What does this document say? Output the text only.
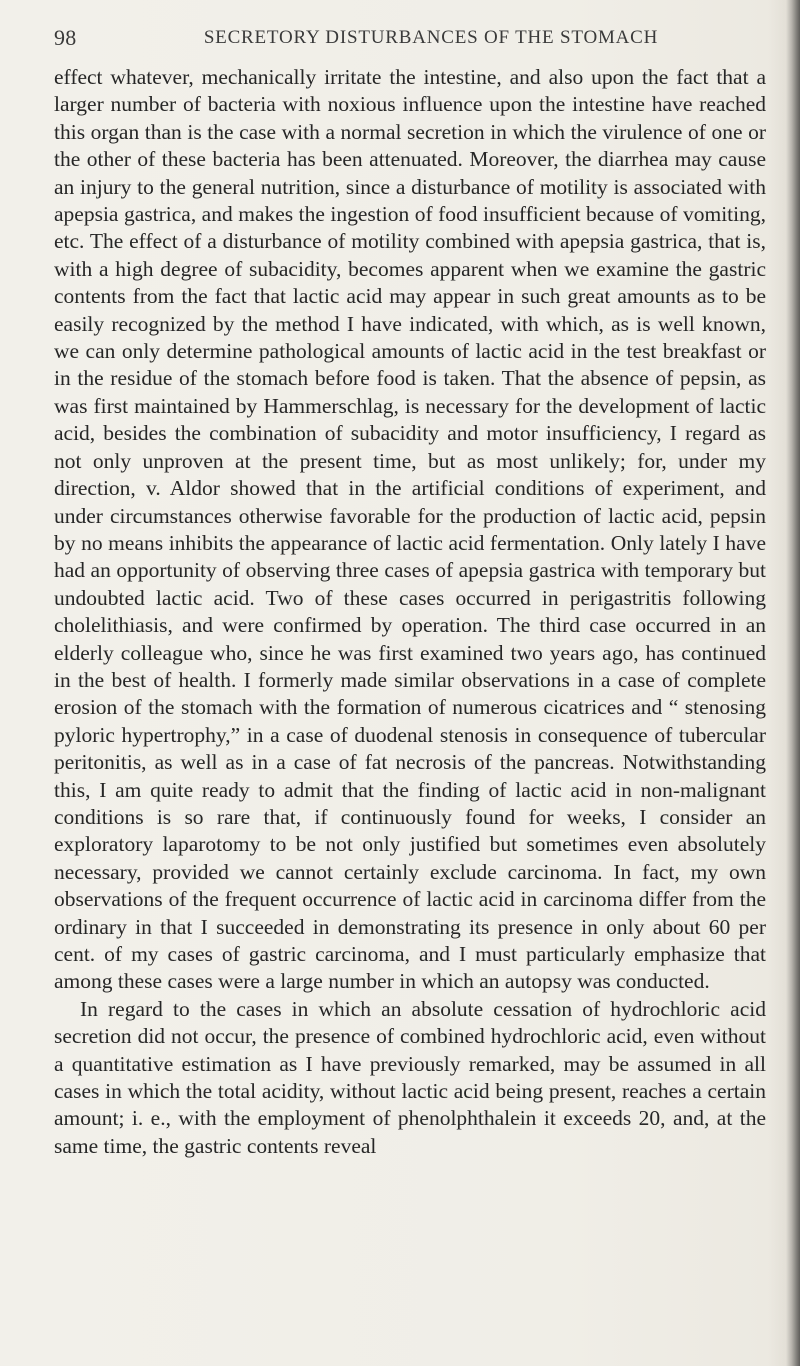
98	SECRETORY DISTURBANCES OF THE STOMACH

effect whatever, mechanically irritate the intestine, and also upon the fact that a larger number of bacteria with noxious influence upon the intestine have reached this organ than is the case with a normal secretion in which the virulence of one or the other of these bacteria has been attenuated. Moreover, the diarrhea may cause an injury to the general nutrition, since a disturbance of motility is associated with apepsia gastrica, and makes the ingestion of food insufficient because of vomiting, etc. The effect of a disturbance of motility combined with apepsia gastrica, that is, with a high degree of subacidity, becomes apparent when we examine the gastric contents from the fact that lactic acid may appear in such great amounts as to be easily recognized by the method I have indicated, with which, as is well known, we can only determine pathological amounts of lactic acid in the test breakfast or in the residue of the stomach before food is taken. That the absence of pepsin, as was first maintained by Hammerschlag, is necessary for the development of lactic acid, besides the combination of subacidity and motor insufficiency, I regard as not only unproven at the present time, but as most unlikely; for, under my direction, v. Aldor showed that in the artificial conditions of experiment, and under circumstances otherwise favorable for the production of lactic acid, pepsin by no means inhibits the appearance of lactic acid fermentation. Only lately I have had an opportunity of observing three cases of apepsia gastrica with temporary but undoubted lactic acid. Two of these cases occurred in perigastritis following cholelithiasis, and were confirmed by operation. The third case occurred in an elderly colleague who, since he was first examined two years ago, has continued in the best of health. I formerly made similar observations in a case of complete erosion of the stomach with the formation of numerous cicatrices and “ stenosing pyloric hypertrophy,” in a case of duodenal stenosis in consequence of tubercular peritonitis, as well as in a case of fat necrosis of the pancreas. Notwithstanding this, I am quite ready to admit that the finding of lactic acid in non-malignant conditions is so rare that, if continuously found for weeks, I consider an exploratory laparotomy to be not only justified but sometimes even absolutely necessary, provided we cannot certainly exclude carcinoma. In fact, my own observations of the frequent occurrence of lactic acid in carcinoma differ from the ordinary in that I succeeded in demonstrating its presence in only about 60 per cent. of my cases of gastric carcinoma, and I must particularly emphasize that among these cases were a large number in which an autopsy was conducted.

In regard to the cases in which an absolute cessation of hydrochloric acid secretion did not occur, the presence of combined hydrochloric acid, even without a quantitative estimation as I have previously remarked, may be assumed in all cases in which the total acidity, without lactic acid being present, reaches a certain amount; i. e., with the employment of phenolphthalein it exceeds 20, and, at the same time, the gastric contents reveal
